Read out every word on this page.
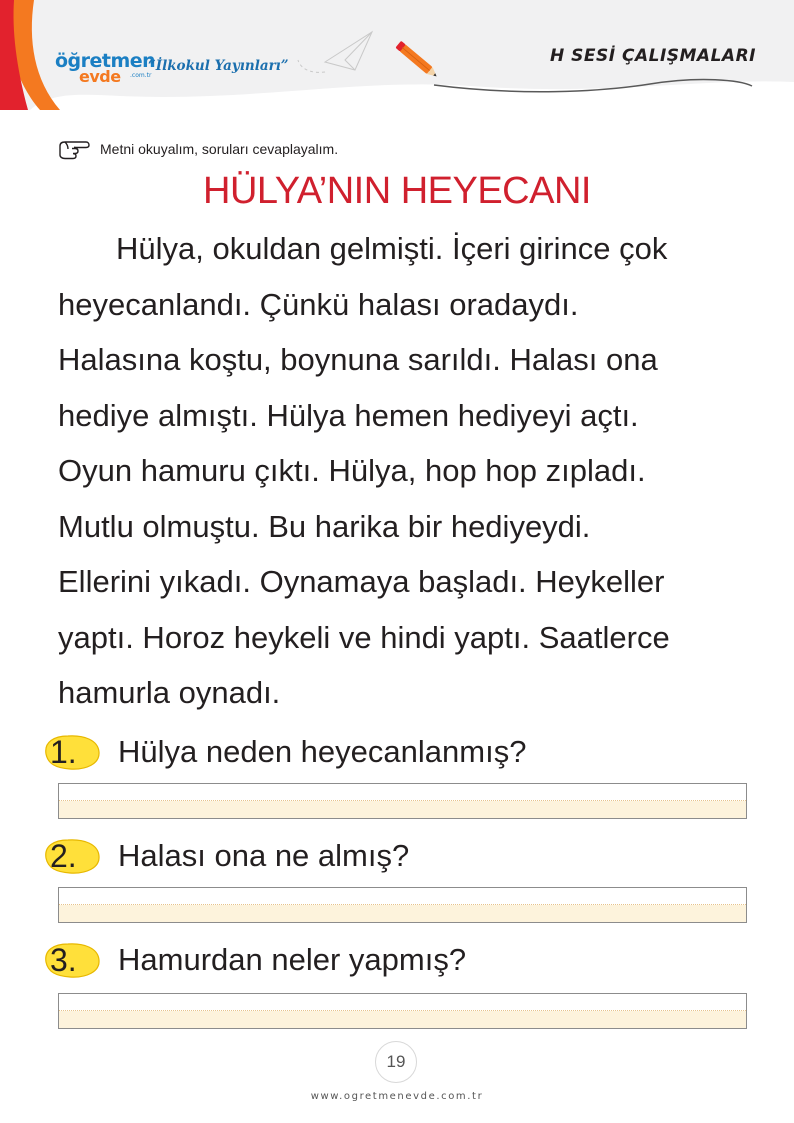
öğretmen
evde .com.tr
“İlkokul Yayınları”	H SESİ ÇALIŞMALARI
Metni okuyalım, soruları cevaplayalım.
HÜLYA’NIN HEYECANI
Hülya, okuldan gelmişti. İçeri girince çok
heyecanlandı. Çünkü halası oradaydı.
Halasına koştu, boynuna sarıldı. Halası ona
hediye almıştı. Hülya hemen hediyeyi açtı.
Oyun hamuru çıktı. Hülya, hop hop zıpladı.
Mutlu olmuştu. Bu harika bir hediyeydi.
Ellerini yıkadı. Oynamaya başladı. Heykeller
yaptı. Horoz heykeli ve hindi yaptı. Saatlerce
hamurla oynadı.
1. Hülya neden heyecanlanmış?
2. Halası ona ne almış?
3. Hamurdan neler yapmış?
19
www.ogretmenevde.com.tr
